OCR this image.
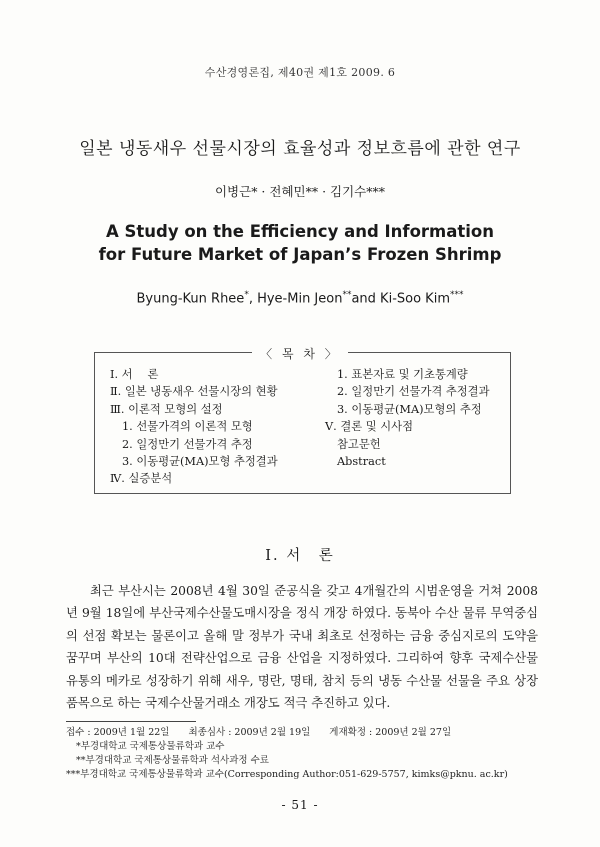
수산경영론집, 제40권 제1호 2009. 6
일본 냉동새우 선물시장의 효율성과 정보흐름에 관한 연구
이병근* · 전혜민** · 김기수***
A Study on the Efficiency and Information
for Future Market of Japan’s Frozen Shrimp
Byung-Kun Rhee*, Hye-Min Jeon**and Ki-Soo Kim***
〈 목 차 〉
Ⅰ. 서　 론
Ⅱ. 일본 냉동새우 선물시장의 현황
Ⅲ. 이론적 모형의 설정
1. 선물가격의 이론적 모형
2. 일정만기 선물가격 추정
3. 이동평균(MA)모형 추정결과
Ⅳ. 실증분석
1. 표본자료 및 기초통계량
2. 일정만기 선물가격 추정결과
3. 이동평균(MA)모형의 추정
Ⅴ. 결론 및 시사점
참고문헌
Abstract
Ⅰ. 서　론
최근 부산시는 2008년 4월 30일 준공식을 갖고 4개월간의 시범운영을 거쳐 2008년 9월 18일에 부산국제수산물도매시장을 정식 개장 하였다. 동북아 수산 물류 무역중심의 선점 확보는 물론이고 올해 말 정부가 국내 최초로 선정하는 금융 중심지로의 도약을 꿈꾸며 부산의 10대 전략산업으로 금융 산업을 지정하였다. 그리하여 향후 국제수산물 유통의 메카로 성장하기 위해 새우, 명란, 명태, 참치 등의 냉동 수산물 선물을 주요 상장품목으로 하는 국제수산물거래소 개장도 적극 추진하고 있다.
접수 : 2009년 1월 22일　　최종심사 : 2009년 2월 19일　　게재확정 : 2009년 2월 27일
*부경대학교 국제통상물류학과 교수
**부경대학교 국제통상물류학과 석사과정 수료
***부경대학교 국제통상물류학과 교수(Corresponding Author:051-629-5757, kimks@pknu. ac.kr)
- 51 -
